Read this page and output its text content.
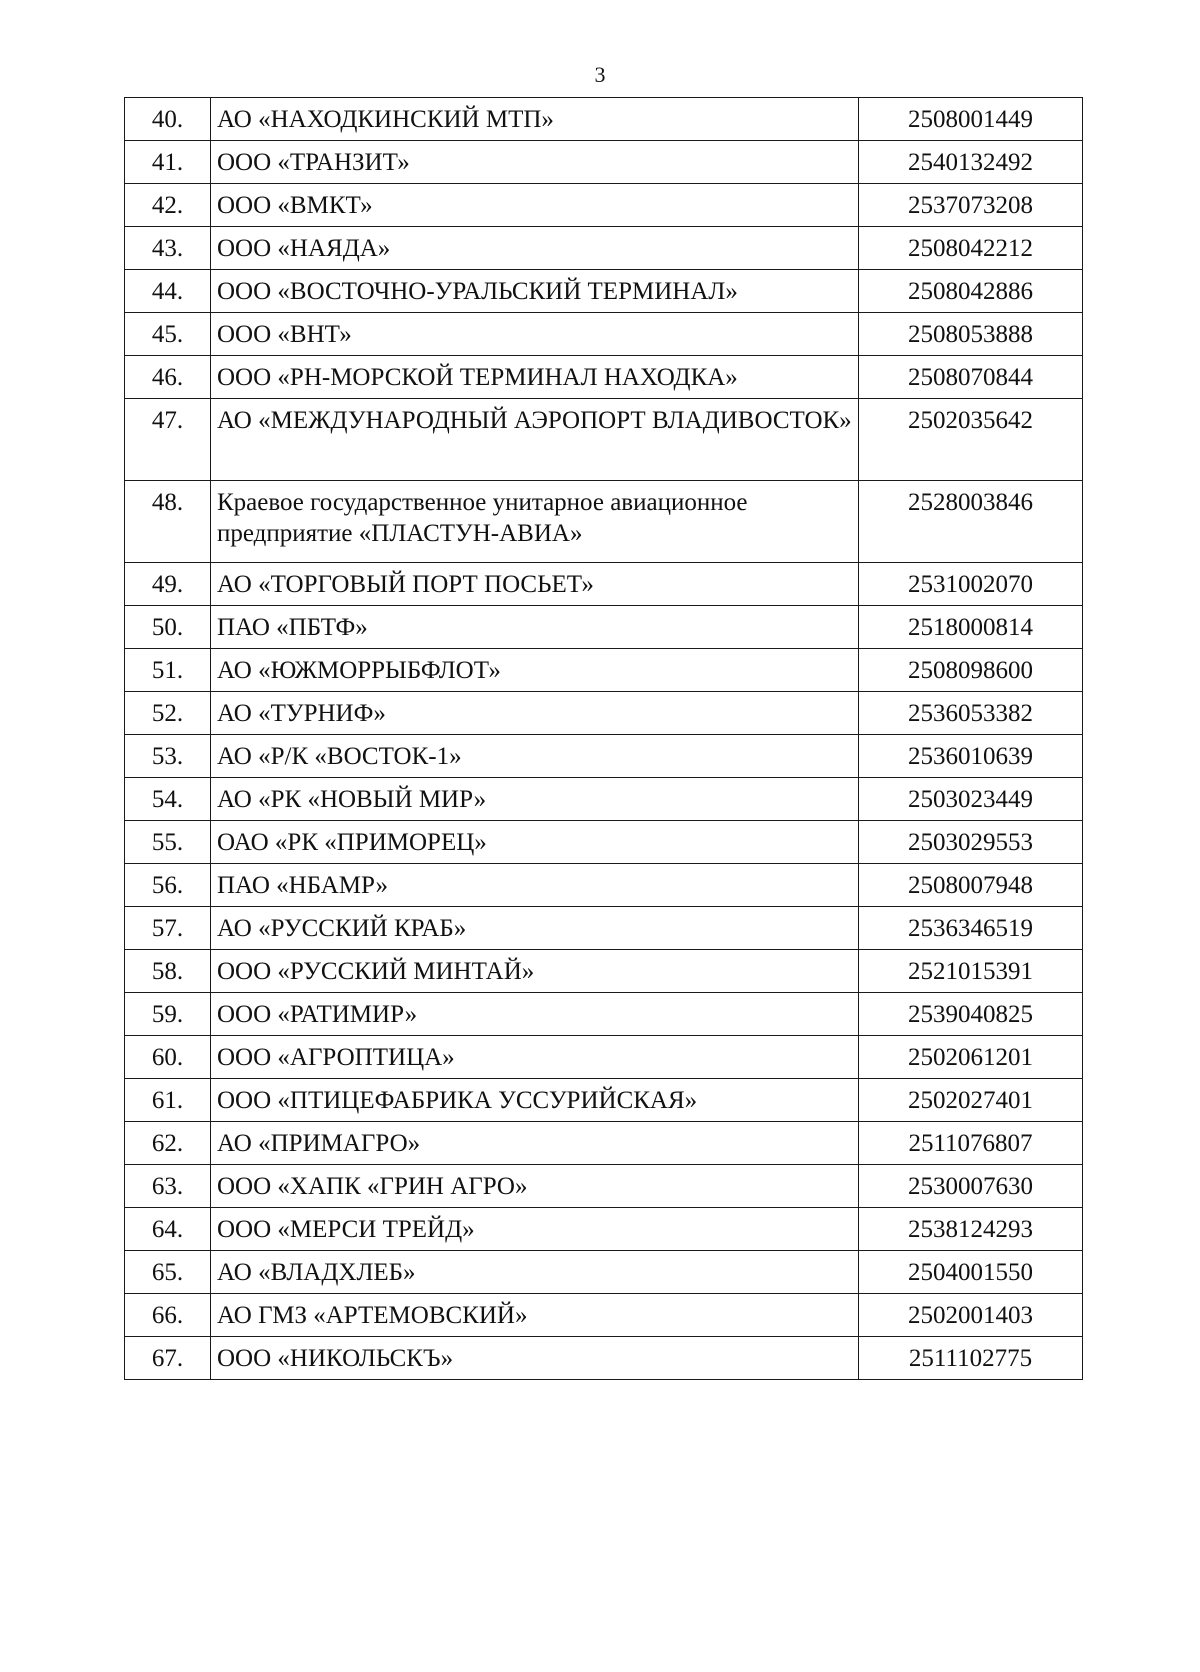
3
40.	АО «НАХОДКИНСКИЙ МТП»	2508001449
41.	ООО «ТРАНЗИТ»	2540132492
42.	ООО «ВМКТ»	2537073208
43.	ООО «НАЯДА»	2508042212
44.	ООО «ВОСТОЧНО-УРАЛЬСКИЙ ТЕРМИНАЛ»	2508042886
45.	ООО «ВНТ»	2508053888
46.	ООО «РН-МОРСКОЙ ТЕРМИНАЛ НАХОДКА»	2508070844
47.	АО «МЕЖДУНАРОДНЫЙ АЭРОПОРТ ВЛАДИВОСТОК»	2502035642
48.	Краевое государственное унитарное авиационное предприятие «ПЛАСТУН-АВИА»	2528003846
49.	АО «ТОРГОВЫЙ ПОРТ ПОСЬЕТ»	2531002070
50.	ПАО «ПБТФ»	2518000814
51.	АО «ЮЖМОРРЫБФЛОТ»	2508098600
52.	АО «ТУРНИФ»	2536053382
53.	АО «Р/К «ВОСТОК-1»	2536010639
54.	АО «РК «НОВЫЙ МИР»	2503023449
55.	ОАО «РК «ПРИМОРЕЦ»	2503029553
56.	ПАО «НБАМР»	2508007948
57.	АО «РУССКИЙ КРАБ»	2536346519
58.	ООО «РУССКИЙ МИНТАЙ»	2521015391
59.	ООО «РАТИМИР»	2539040825
60.	ООО «АГРОПТИЦА»	2502061201
61.	ООО «ПТИЦЕФАБРИКА УССУРИЙСКАЯ»	2502027401
62.	АО «ПРИМАГРО»	2511076807
63.	ООО «ХАПК «ГРИН АГРО»	2530007630
64.	ООО «МЕРСИ ТРЕЙД»	2538124293
65.	АО «ВЛАДХЛЕБ»	2504001550
66.	АО ГМЗ «АРТЕМОВСКИЙ»	2502001403
67.	ООО «НИКОЛЬСКЪ»	2511102775
